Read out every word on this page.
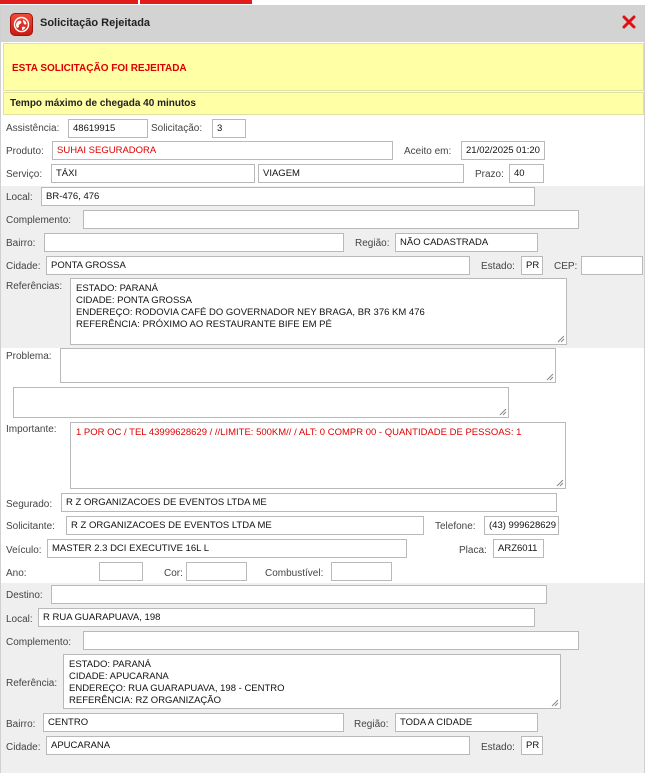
Solicitação Rejeitada
ESTA SOLICITAÇÃO FOI REJEITADA
Tempo máximo de chegada 40 minutos
Assistência:	48619915	Solicitação:	3
Produto:	SUHAI SEGURADORA	Aceito em:	21/02/2025 01:20
Serviço:	TÁXI	VIAGEM	Prazo:	40
Local:	BR-476, 476
Complemento:
Bairro:	Região:	NÃO CADASTRADA
Cidade:	PONTA GROSSA	Estado:	PR	CEP:
Referências: ESTADO: PARANÁ
CIDADE: PONTA GROSSA
ENDEREÇO: RODOVIA CAFÉ DO GOVERNADOR NEY BRAGA, BR 376 KM 476
REFERÊNCIA: PRÓXIMO AO RESTAURANTE BIFE EM PÉ
Problema:
Importante: 1 POR OC / TEL 43999628629 / //LIMITE: 500KM// / ALT: 0 COMPR 00 - QUANTIDADE DE PESSOAS: 1
Segurado:	R Z ORGANIZACOES DE EVENTOS LTDA ME
Solicitante:	R Z ORGANIZACOES DE EVENTOS LTDA ME	Telefone:	(43) 999628629
Veículo:	MASTER 2.3 DCI EXECUTIVE 16L L	Placa:	ARZ6011
Ano:	Cor:	Combustível:
Destino:
Local:	R RUA GUARAPUAVA, 198
Complemento:
Referência:
ESTADO: PARANÁ
CIDADE: APUCARANA
ENDEREÇO: RUA GUARAPUAVA, 198 - CENTRO
REFERÊNCIA: RZ ORGANIZAÇÃO
Bairro:	CENTRO	Região:	TODA A CIDADE
Cidade:	APUCARANA	Estado:	PR
